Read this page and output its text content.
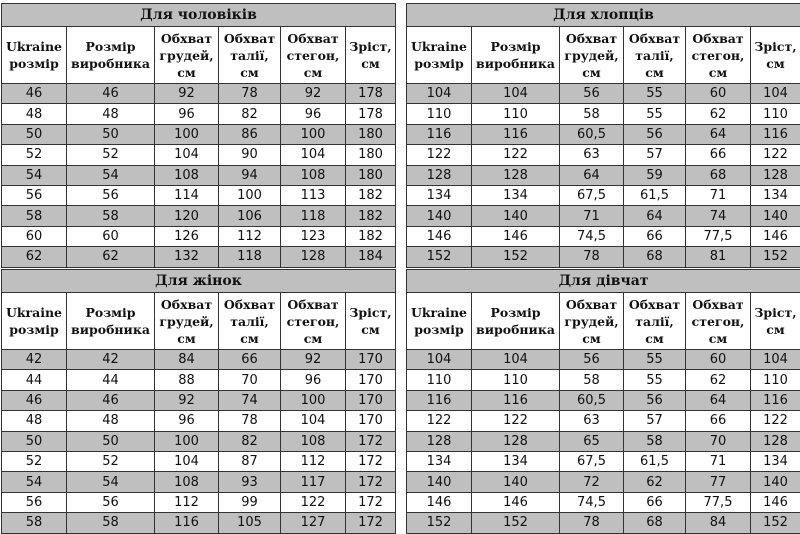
Для чоловіків					
Ukraine розмір	Розмір виробника	Обхват грудей, см	Обхват талії, см	Обхват стегон, см	Зріст, см
46	46	92	78	92	178
48	48	96	82	96	178
50	50	100	86	100	180
52	52	104	90	104	180
54	54	108	94	108	180
56	56	114	100	113	182
58	58	120	106	118	182
60	60	126	112	123	182
62	62	132	118	128	184
Для хлопців					
Ukraine розмір	Розмір виробника	Обхват грудей, см	Обхват талії, см	Обхват стегон, см	Зріст, см
104	104	56	55	60	104
110	110	58	55	62	110
116	116	60,5	56	64	116
122	122	63	57	66	122
128	128	64	59	68	128
134	134	67,5	61,5	71	134
140	140	71	64	74	140
146	146	74,5	66	77,5	146
152	152	78	68	81	152
Для жінок					
Ukraine розмір	Розмір виробника	Обхват грудей, см	Обхват талії, см	Обхват стегон, см	Зріст, см
42	42	84	66	92	170
44	44	88	70	96	170
46	46	92	74	100	170
48	48	96	78	104	170
50	50	100	82	108	172
52	52	104	87	112	172
54	54	108	93	117	172
56	56	112	99	122	172
58	58	116	105	127	172
Для дівчат					
Ukraine розмір	Розмір виробника	Обхват грудей, см	Обхват талії, см	Обхват стегон, см	Зріст, см
104	104	56	55	60	104
110	110	58	55	62	110
116	116	60,5	56	64	116
122	122	63	57	66	122
128	128	65	58	70	128
134	134	67,5	61,5	71	134
140	140	72	62	77	140
146	146	74,5	66	77,5	146
152	152	78	68	84	152
